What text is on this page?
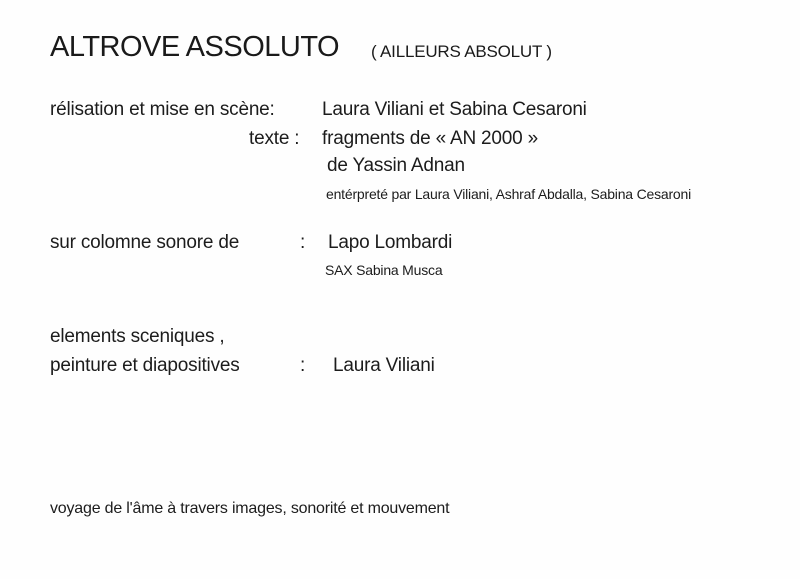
ALTROVE ASSOLUTO ( AILLEURS ABSOLUT )
rélisation et mise en scène: Laura Viliani et Sabina Cesaroni
texte : fragments de « AN 2000 »
de Yassin Adnan
entérpreté par Laura Viliani, Ashraf Abdalla, Sabina Cesaroni
sur colomne sonore de	: Lapo Lombardi
SAX Sabina Musca
elements sceniques ,
peinture et diapositives	: Laura Viliani
voyage de l'âme à travers images, sonorité et mouvement
